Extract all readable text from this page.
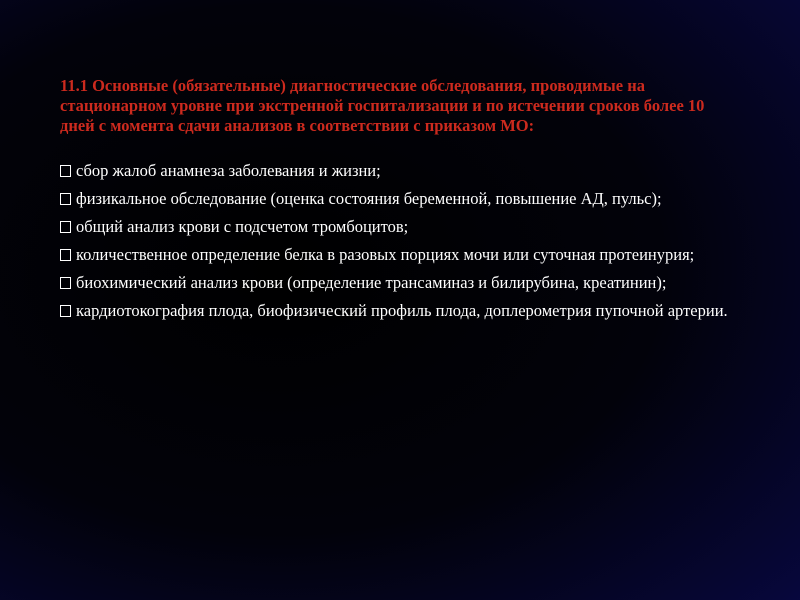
11.1 Основные (обязательные) диагностические обследования, проводимые на стационарном уровне при экстренной госпитализации и по истечении сроков более 10 дней с момента сдачи анализов в соответствии с приказом МО:

сбор жалоб анамнеза заболевания и жизни;
физикальное обследование (оценка состояния беременной, повышение АД, пульс);
общий анализ крови с подсчетом тромбоцитов;
количественное определение белка в разовых порциях мочи или суточная протеинурия;
биохимический анализ крови (определение трансаминаз и билирубина, креатинин);
кардиотокография плода, биофизический профиль плода, доплерометрия пупочной артерии.
